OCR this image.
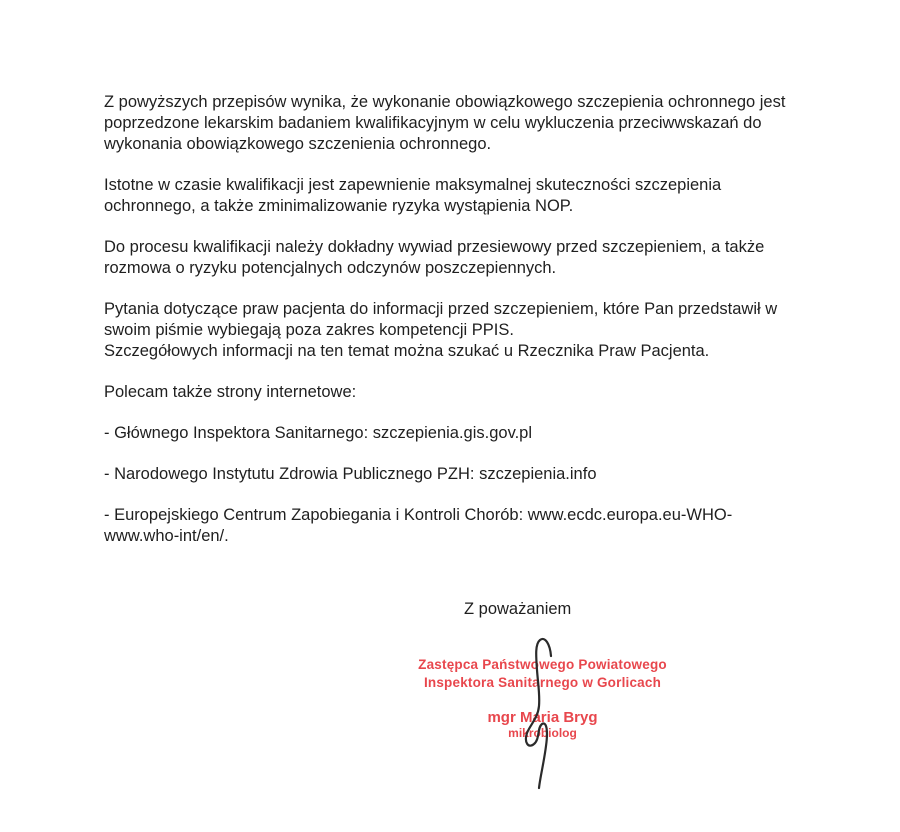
Z powyższych przepisów wynika, że wykonanie obowiązkowego szczepienia ochronnego jest poprzedzone lekarskim badaniem kwalifikacyjnym w celu wykluczenia przeciwwskazań do wykonania obowiązkowego szczenienia ochronnego.

Istotne w czasie kwalifikacji jest zapewnienie maksymalnej skuteczności szczepienia ochronnego, a także zminimalizowanie ryzyka wystąpienia NOP.

Do procesu kwalifikacji należy dokładny wywiad przesiewowy przed szczepieniem, a także rozmowa o ryzyku potencjalnych odczynów poszczepiennych.

Pytania dotyczące praw pacjenta do informacji przed szczepieniem, które Pan przedstawił w swoim piśmie wybiegają poza zakres kompetencji PPIS.
Szczegółowych informacji na ten temat można szukać u Rzecznika Praw Pacjenta.

Polecam także strony internetowe:

- Głównego Inspektora Sanitarnego: szczepienia.gis.gov.pl

- Narodowego Instytutu Zdrowia Publicznego PZH: szczepienia.info

- Europejskiego Centrum Zapobiegania i Kontroli Chorób: www.ecdc.europa.eu-WHO-
www.who-int/en/.

Z poważaniem
Zastępca Państwowego Powiatowego
Inspektora Sanitarnego w Gorlicach
mgr Maria Bryg
mikrobiolog
